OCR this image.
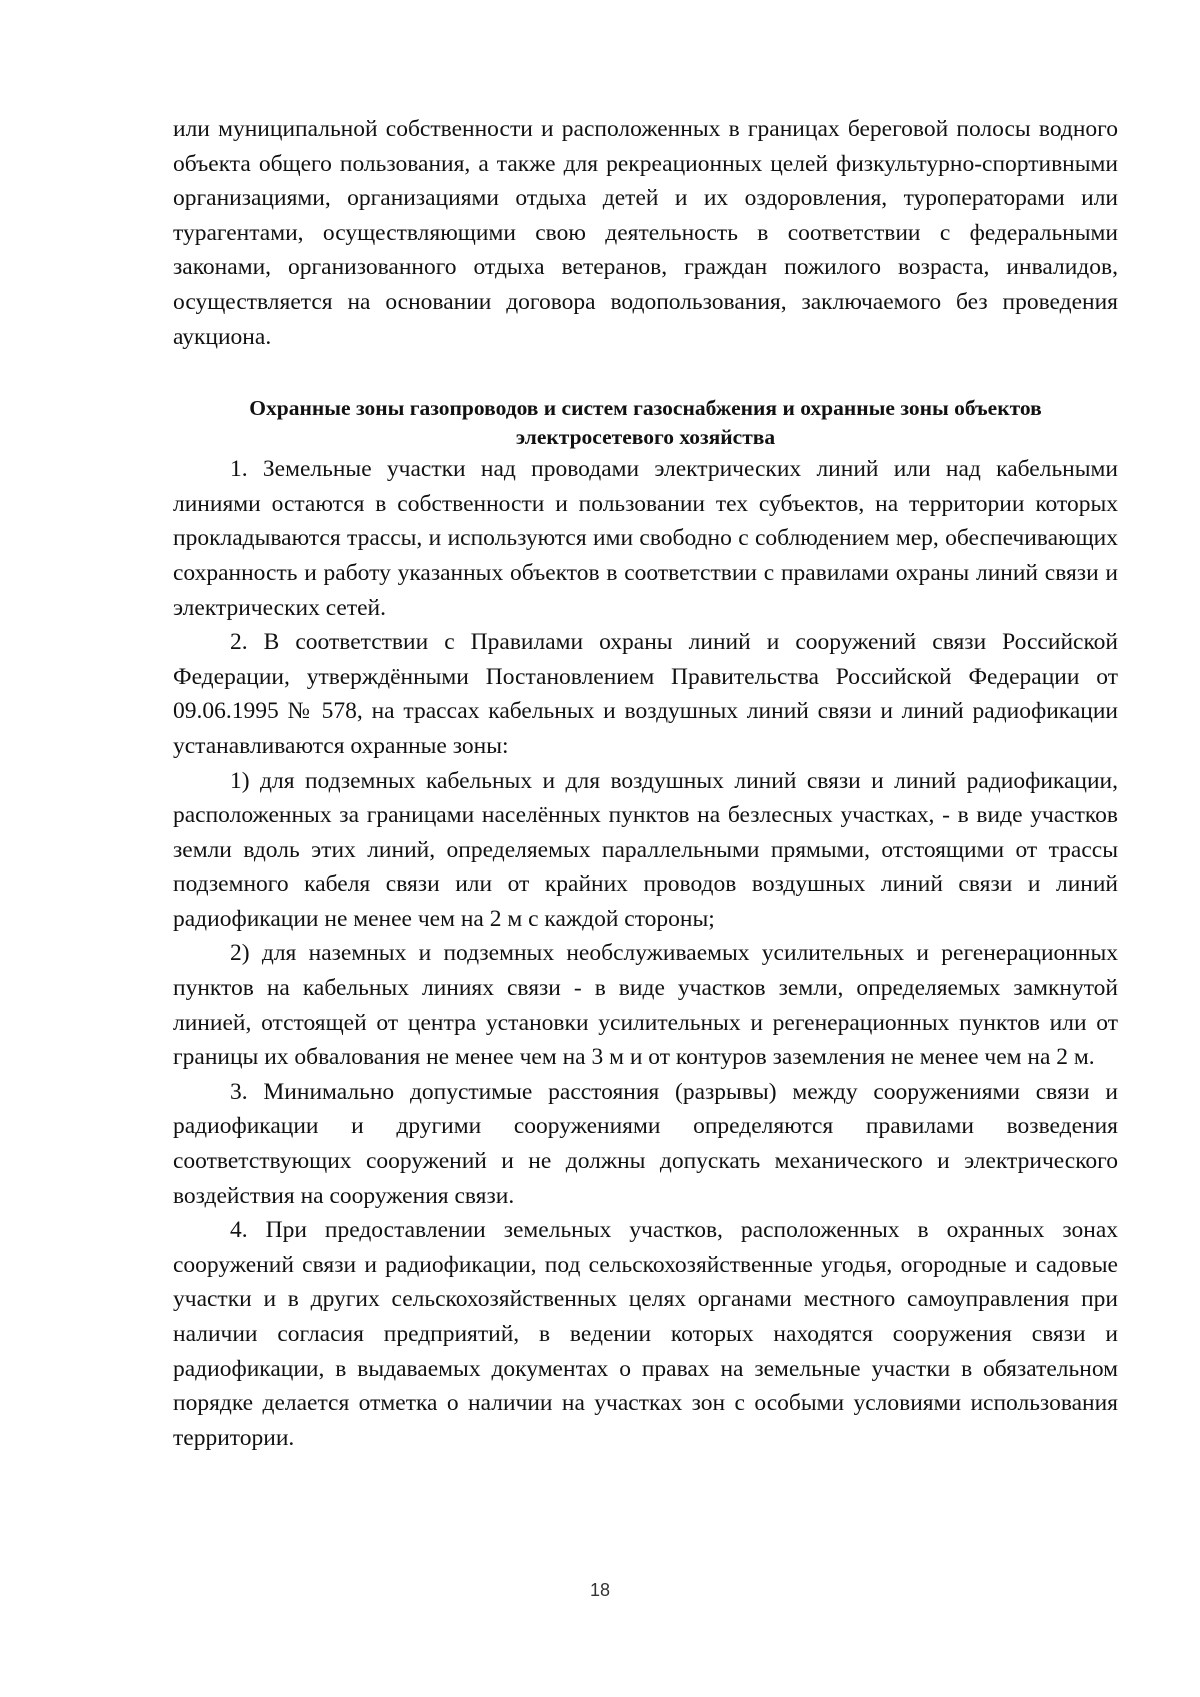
или муниципальной собственности и расположенных в границах береговой полосы водного объекта общего пользования, а также для рекреационных целей физкультурно-спортивными организациями, организациями отдыха детей и их оздоровления, туроператорами или турагентами, осуществляющими свою деятельность в соответствии с федеральными законами, организованного отдыха ветеранов, граждан пожилого возраста, инвалидов, осуществляется на основании договора водопользования, заключаемого без проведения аукциона.

Охранные зоны газопроводов и систем газоснабжения и охранные зоны объектов электросетевого хозяйства

1. Земельные участки над проводами электрических линий или над кабельными линиями остаются в собственности и пользовании тех субъектов, на территории которых прокладываются трассы, и используются ими свободно с соблюдением мер, обеспечивающих сохранность и работу указанных объектов в соответствии с правилами охраны линий связи и электрических сетей.

2. В соответствии с Правилами охраны линий и сооружений связи Российской Федерации, утверждёнными Постановлением Правительства Российской Федерации от 09.06.1995 № 578, на трассах кабельных и воздушных линий связи и линий радиофикации устанавливаются охранные зоны:

1) для подземных кабельных и для воздушных линий связи и линий радиофикации, расположенных за границами населённых пунктов на безлесных участках, - в виде участков земли вдоль этих линий, определяемых параллельными прямыми, отстоящими от трассы подземного кабеля связи или от крайних проводов воздушных линий связи и линий радиофикации не менее чем на 2 м с каждой стороны;

2) для наземных и подземных необслуживаемых усилительных и регенерационных пунктов на кабельных линиях связи - в виде участков земли, определяемых замкнутой линией, отстоящей от центра установки усилительных и регенерационных пунктов или от границы их обвалования не менее чем на 3 м и от контуров заземления не менее чем на 2 м.

3. Минимально допустимые расстояния (разрывы) между сооружениями связи и радиофикации и другими сооружениями определяются правилами возведения соответствующих сооружений и не должны допускать механического и электрического воздействия на сооружения связи.

4. При предоставлении земельных участков, расположенных в охранных зонах сооружений связи и радиофикации, под сельскохозяйственные угодья, огородные и садовые участки и в других сельскохозяйственных целях органами местного самоуправления при наличии согласия предприятий, в ведении которых находятся сооружения связи и радиофикации, в выдаваемых документах о правах на земельные участки в обязательном порядке делается отметка о наличии на участках зон с особыми условиями использования территории.

18
